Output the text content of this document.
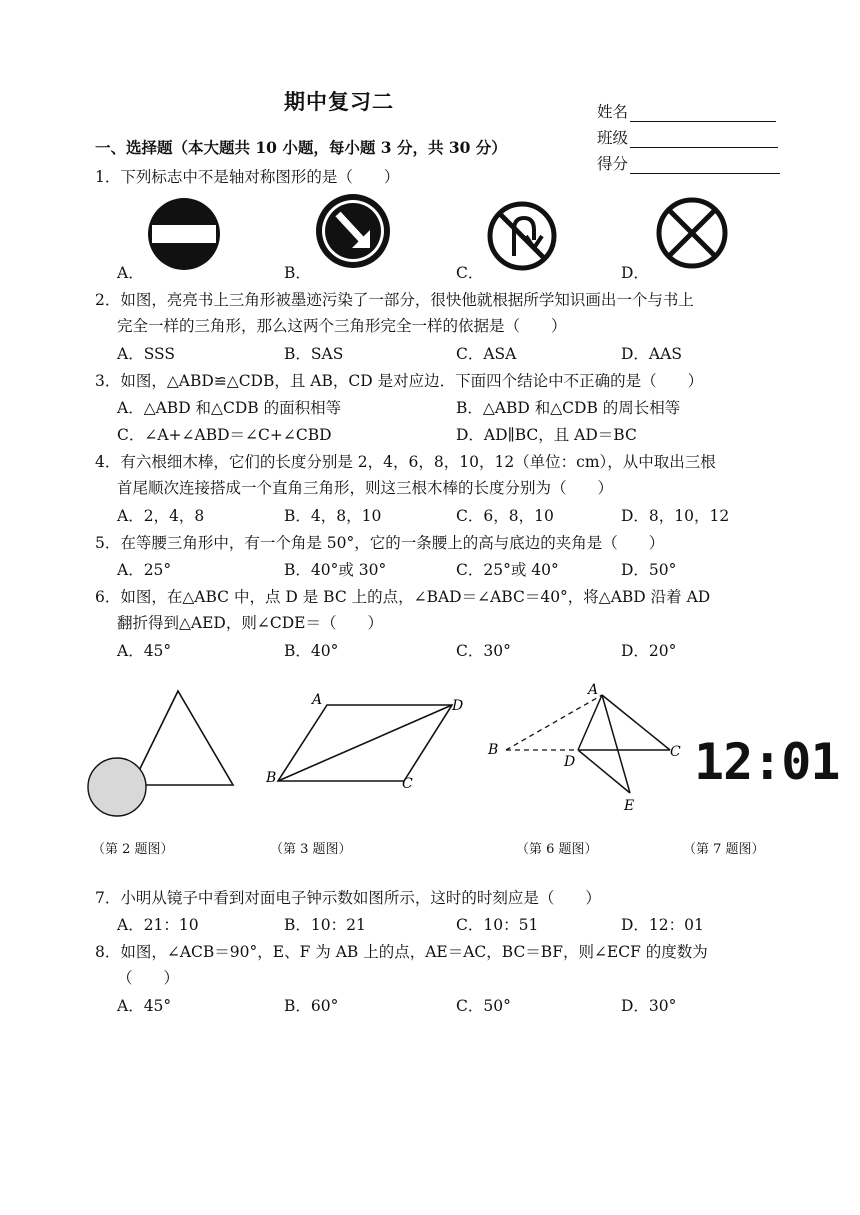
期中复习二	姓名
班级
得分
一、选择题（本大题共 10 小题，每小题 3 分，共 30 分）
1．下列标志中不是轴对称图形的是（　　）
A．	B．	C．	D．
2．如图，亮亮书上三角形被墨迹污染了一部分，很快他就根据所学知识画出一个与书上
完全一样的三角形，那么这两个三角形完全一样的依据是（　　）
A．SSS	B．SAS	C．ASA	D．AAS
3．如图，△ABD≌△CDB，且 AB，CD 是对应边．下面四个结论中不正确的是（　　）
A．△ABD 和△CDB 的面积相等	B．△ABD 和△CDB 的周长相等
C．∠A+∠ABD＝∠C+∠CBD	D．AD∥BC，且 AD＝BC
4．有六根细木棒，它们的长度分别是 2，4，6，8，10，12（单位：cm），从中取出三根
首尾顺次连接搭成一个直角三角形，则这三根木棒的长度分别为（　　）
A．2，4，8	B．4，8，10	C．6，8，10	D．8，10，12
5．在等腰三角形中，有一个角是 50°，它的一条腰上的高与底边的夹角是（　　）
A．25°	B．40°或 30°	C．25°或 40°	D．50°
6．如图，在△ABC 中，点 D 是 BC 上的点，∠BAD＝∠ABC＝40°，将△ABD 沿着 AD
翻折得到△AED，则∠CDE＝（　　）
A．45°	B．40°	C．30°	D．20°
A	D
B	C
A
B
D
C
E
12:01
（第 2 题图）	（第 3 题图）	（第 6 题图）	（第 7 题图）
7．小明从镜子中看到对面电子钟示数如图所示，这时的时刻应是（　　）
A．21：10	B．10：21	C．10：51	D．12：01
8．如图，∠ACB＝90°，E、F 为 AB 上的点，AE＝AC，BC＝BF，则∠ECF 的度数为
（　　）
A．45°	B．60°	C．50°	D．30°
